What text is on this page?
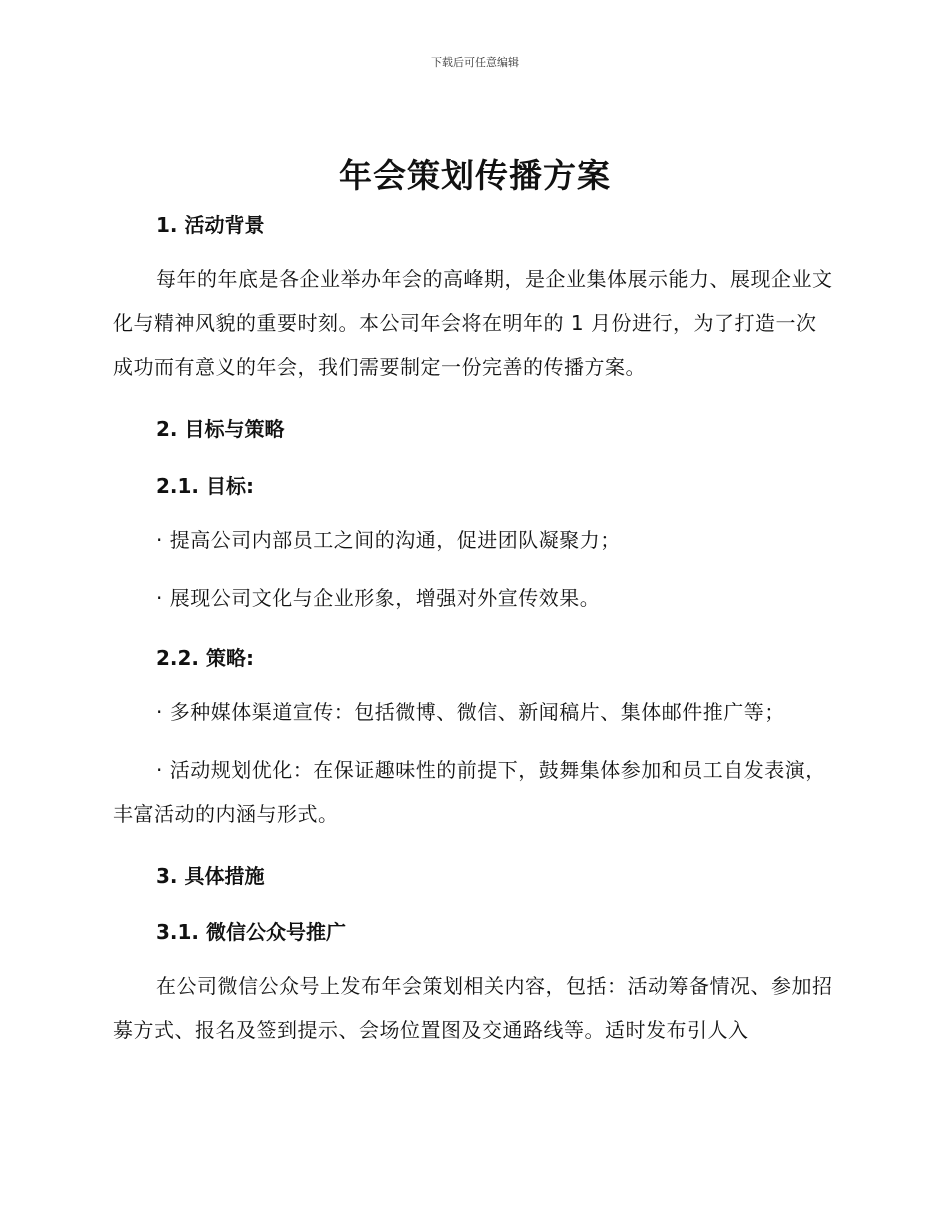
下载后可任意编辑
年会策划传播方案
1. 活动背景
每年的年底是各企业举办年会的高峰期，是企业集体展示能力、展现企业文化与精神风貌的重要时刻。本公司年会将在明年的 1 月份进行，为了打造一次成功而有意义的年会，我们需要制定一份完善的传播方案。
2. 目标与策略
2.1. 目标:
· 提高公司内部员工之间的沟通，促进团队凝聚力；
· 展现公司文化与企业形象，增强对外宣传效果。
2.2. 策略:
· 多种媒体渠道宣传：包括微博、微信、新闻稿片、集体邮件推广等；
· 活动规划优化：在保证趣味性的前提下，鼓舞集体参加和员工自发表演，丰富活动的内涵与形式。
3. 具体措施
3.1. 微信公众号推广
在公司微信公众号上发布年会策划相关内容，包括：活动筹备情况、参加招募方式、报名及签到提示、会场位置图及交通路线等。适时发布引人入
